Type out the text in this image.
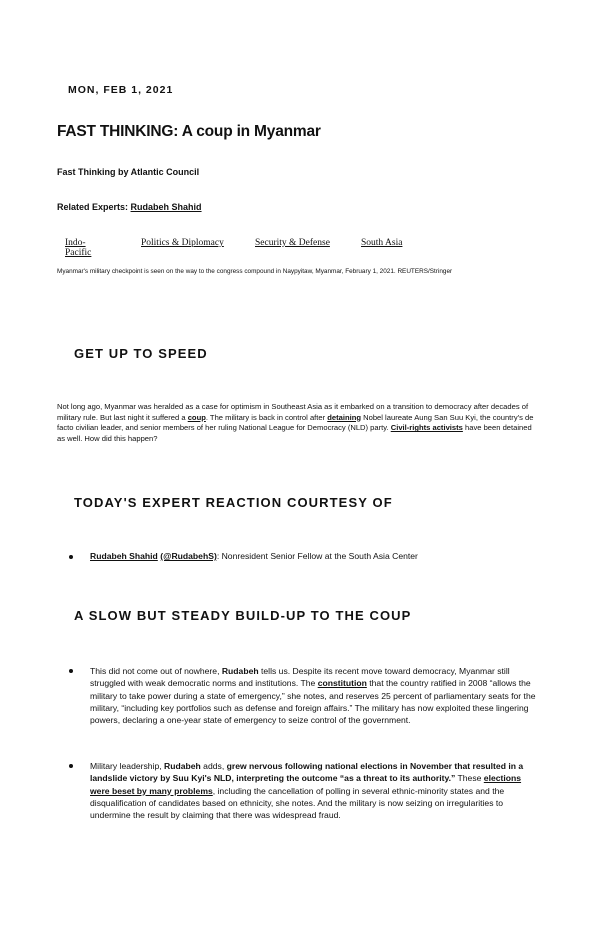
MON, FEB 1, 2021
FAST THINKING: A coup in Myanmar
Fast Thinking by Atlantic Council
Related Experts: Rudabeh Shahid
Indo-Pacific
Politics & Diplomacy	Security & Defense	South Asia
Myanmar's military checkpoint is seen on the way to the congress compound in Naypyitaw, Myanmar, February 1, 2021. REUTERS/Stringer
GET UP TO SPEED
Not long ago, Myanmar was heralded as a case for optimism in Southeast Asia as it embarked on a transition to democracy after decades of military rule. But last night it suffered a coup. The military is back in control after detaining Nobel laureate Aung San Suu Kyi, the country's de facto civilian leader, and senior members of her ruling National League for Democracy (NLD) party. Civil-rights activists have been detained as well. How did this happen?
TODAY'S EXPERT REACTION COURTESY OF
Rudabeh Shahid (@RudabehS): Nonresident Senior Fellow at the South Asia Center
A SLOW BUT STEADY BUILD-UP TO THE COUP
This did not come out of nowhere, Rudabeh tells us. Despite its recent move toward democracy, Myanmar still struggled with weak democratic norms and institutions. The constitution that the country ratified in 2008 “allows the military to take power during a state of emergency,” she notes, and reserves 25 percent of parliamentary seats for the military, “including key portfolios such as defense and foreign affairs.” The military has now exploited these lingering powers, declaring a one-year state of emergency to seize control of the government.
Military leadership, Rudabeh adds, grew nervous following national elections in November that resulted in a landslide victory by Suu Kyi's NLD, interpreting the outcome “as a threat to its authority.” These elections were beset by many problems, including the cancellation of polling in several ethnic-minority states and the disqualification of candidates based on ethnicity, she notes. And the military is now seizing on irregularities to undermine the result by claiming that there was widespread fraud.
